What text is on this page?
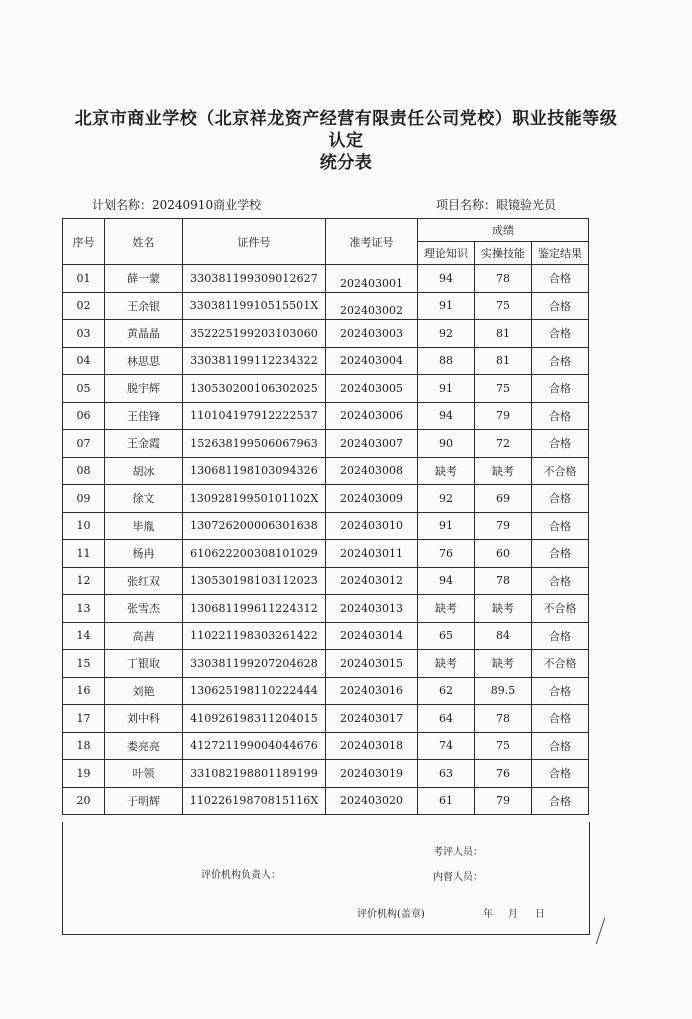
北京市商业学校（北京祥龙资产经营有限责任公司党校）职业技能等级
认定
统分表
计划名称：20240910商业学校	项目名称：眼镜验光员
序号	姓名	证件号	准考证号	成绩		
				理论知识	实操技能	鉴定结果
01	薛一蒙	330381199309012627	202403001	94	78	合格
02	王余银	33038119910515501X	202403002	91	75	合格
03	黄晶晶	352225199203103060	202403003	92	81	合格
04	林思思	330381199112234322	202403004	88	81	合格
05	脱宇辉	130530200106302025	202403005	91	75	合格
06	王佳锋	110104197912222537	202403006	94	79	合格
07	王金霞	152638199506067963	202403007	90	72	合格
08	胡冰	130681198103094326	202403008	缺考	缺考	不合格
09	徐文	13092819950101102X	202403009	92	69	合格
10	毕胤	130726200006301638	202403010	91	79	合格
11	杨冉	610622200308101029	202403011	76	60	合格
12	张红双	130530198103112023	202403012	94	78	合格
13	张雪杰	130681199611224312	202403013	缺考	缺考	不合格
14	高茜	110221198303261422	202403014	65	84	合格
15	丁银取	330381199207204628	202403015	缺考	缺考	不合格
16	刘艳	130625198110222444	202403016	62	89.5	合格
17	刘中科	410926198311204015	202403017	64	78	合格
18	娄亮亮	412721199004044676	202403018	74	75	合格
19	叶领	331082198801189199	202403019	63	76	合格
20	于明辉	11022619870815116X	202403020	61	79	合格
考评人员：
评价机构负责人：	内督人员：
评价机构(盖章)	年 月 日
